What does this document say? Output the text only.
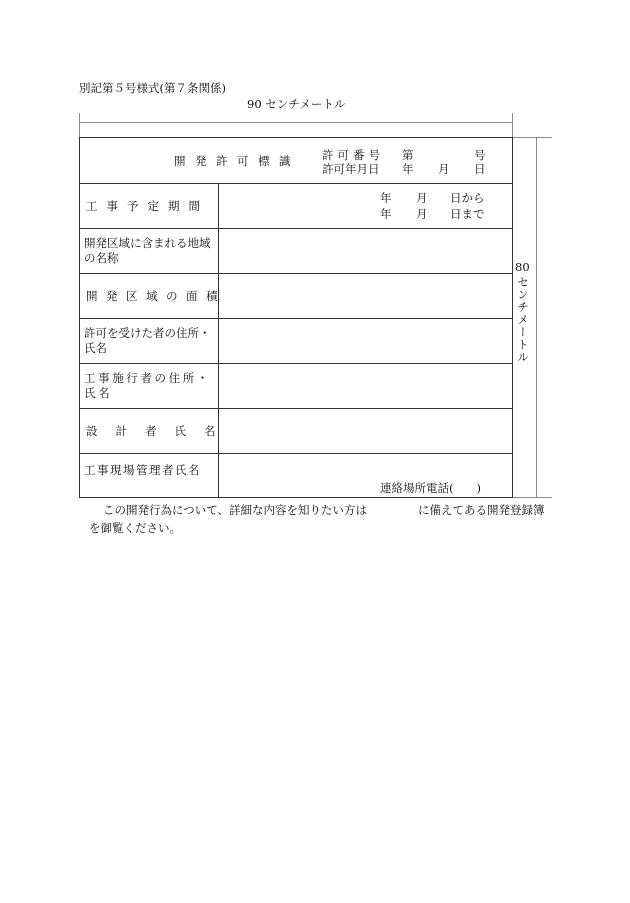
別記第５号様式(第７条関係)
90 センチメートル
80
センチメートル
開発許可標識 許可番号 第	号
許可年月日 年 月 日
工事予定期間
開発区域に含まれる地域の名称
開発区域の面積
許可を受けた者の住所・氏名
工事施行者の住所・氏名
設計者氏名
工事現場管理者氏名
年 月 日から
年 月 日まで
連絡場所電話(　　)
この開発行為について、詳細な内容を知りたい方は	に備えてある開発登録簿
を御覧ください。
